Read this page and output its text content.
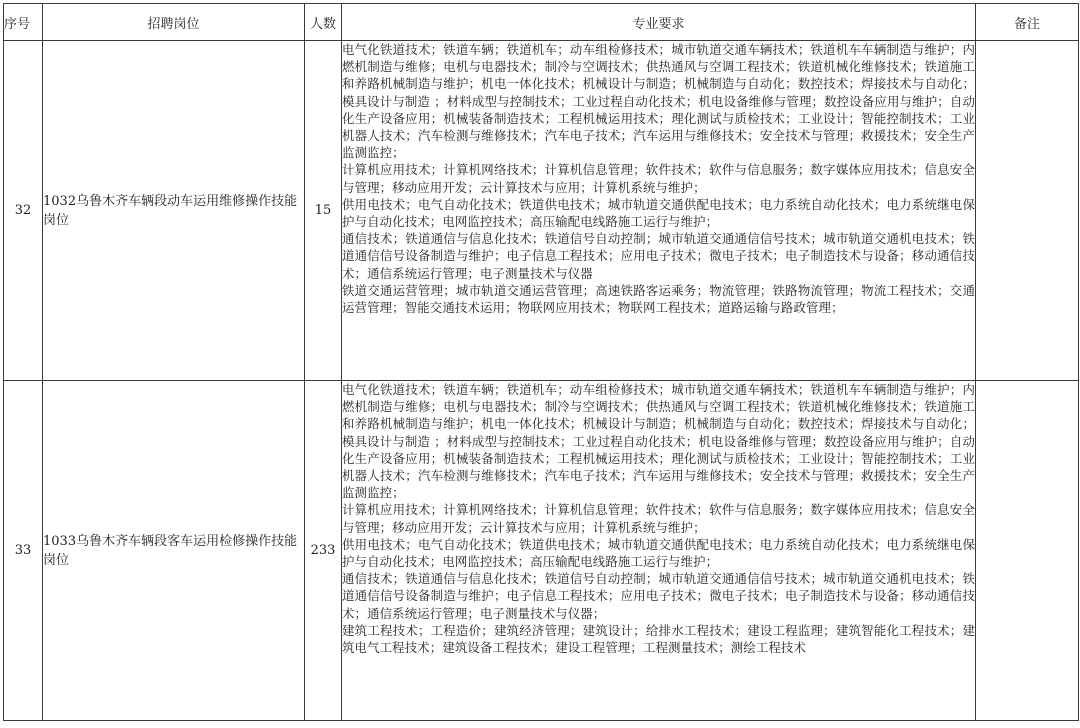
序号	招聘岗位	人数	专业要求	备注
32	1032乌鲁木齐车辆段动车运用维修操作技能岗位	15	电气化铁道技术；铁道车辆；铁道机车；动车组检修技术；城市轨道交通车辆技术；铁道机车车辆制造与维护；内燃机制造与维修；电机与电器技术；制冷与空调技术；供热通风与空调工程技术；铁道机械化维修技术；铁道施工和养路机械制造与维护；机电一体化技术；机械设计与制造；机械制造与自动化；数控技术；焊接技术与自动化；模具设计与制造 ；材料成型与控制技术；工业过程自动化技术；机电设备维修与管理；数控设备应用与维护；自动化生产设备应用；机械装备制造技术；工程机械运用技术；理化测试与质检技术；工业设计；智能控制技术；工业机器人技术；汽车检测与维修技术；汽车电子技术；汽车运用与维修技术；安全技术与管理；救援技术；安全生产监测监控；
计算机应用技术；计算机网络技术；计算机信息管理；软件技术；软件与信息服务；数字媒体应用技术；信息安全与管理；移动应用开发；云计算技术与应用；计算机系统与维护；
供用电技术；电气自动化技术；铁道供电技术；城市轨道交通供配电技术；电力系统自动化技术；电力系统继电保护与自动化技术；电网监控技术；高压输配电线路施工运行与维护；
通信技术；铁道通信与信息化技术；铁道信号自动控制；城市轨道交通通信信号技术；城市轨道交通机电技术；铁道通信信号设备制造与维护；电子信息工程技术；应用电子技术；微电子技术；电子制造技术与设备；移动通信技术；通信系统运行管理；电子测量技术与仪器
铁道交通运营管理；城市轨道交通运营管理；高速铁路客运乘务；物流管理；铁路物流管理；物流工程技术；交通运营管理；智能交通技术运用；物联网应用技术；物联网工程技术；道路运输与路政管理；	

33	1033乌鲁木齐车辆段客车运用检修操作技能岗位	233	电气化铁道技术；铁道车辆；铁道机车；动车组检修技术；城市轨道交通车辆技术；铁道机车车辆制造与维护；内燃机制造与维修；电机与电器技术；制冷与空调技术；供热通风与空调工程技术；铁道机械化维修技术；铁道施工和养路机械制造与维护；机电一体化技术；机械设计与制造；机械制造与自动化；数控技术；焊接技术与自动化；模具设计与制造 ；材料成型与控制技术；工业过程自动化技术；机电设备维修与管理；数控设备应用与维护；自动化生产设备应用；机械装备制造技术；工程机械运用技术；理化测试与质检技术；工业设计；智能控制技术；工业机器人技术；汽车检测与维修技术；汽车电子技术；汽车运用与维修技术；安全技术与管理；救援技术；安全生产监测监控；
计算机应用技术；计算机网络技术；计算机信息管理；软件技术；软件与信息服务；数字媒体应用技术；信息安全与管理；移动应用开发；云计算技术与应用；计算机系统与维护；
供用电技术；电气自动化技术；铁道供电技术；城市轨道交通供配电技术；电力系统自动化技术；电力系统继电保护与自动化技术；电网监控技术；高压输配电线路施工运行与维护；
通信技术；铁道通信与信息化技术；铁道信号自动控制；城市轨道交通通信信号技术；城市轨道交通机电技术；铁道通信信号设备制造与维护；电子信息工程技术；应用电子技术；微电子技术；电子制造技术与设备；移动通信技术；通信系统运行管理；电子测量技术与仪器；
建筑工程技术；工程造价；建筑经济管理；建筑设计；给排水工程技术；建设工程监理；建筑智能化工程技术；建筑电气工程技术；建筑设备工程技术；建设工程管理；工程测量技术；测绘工程技术	
